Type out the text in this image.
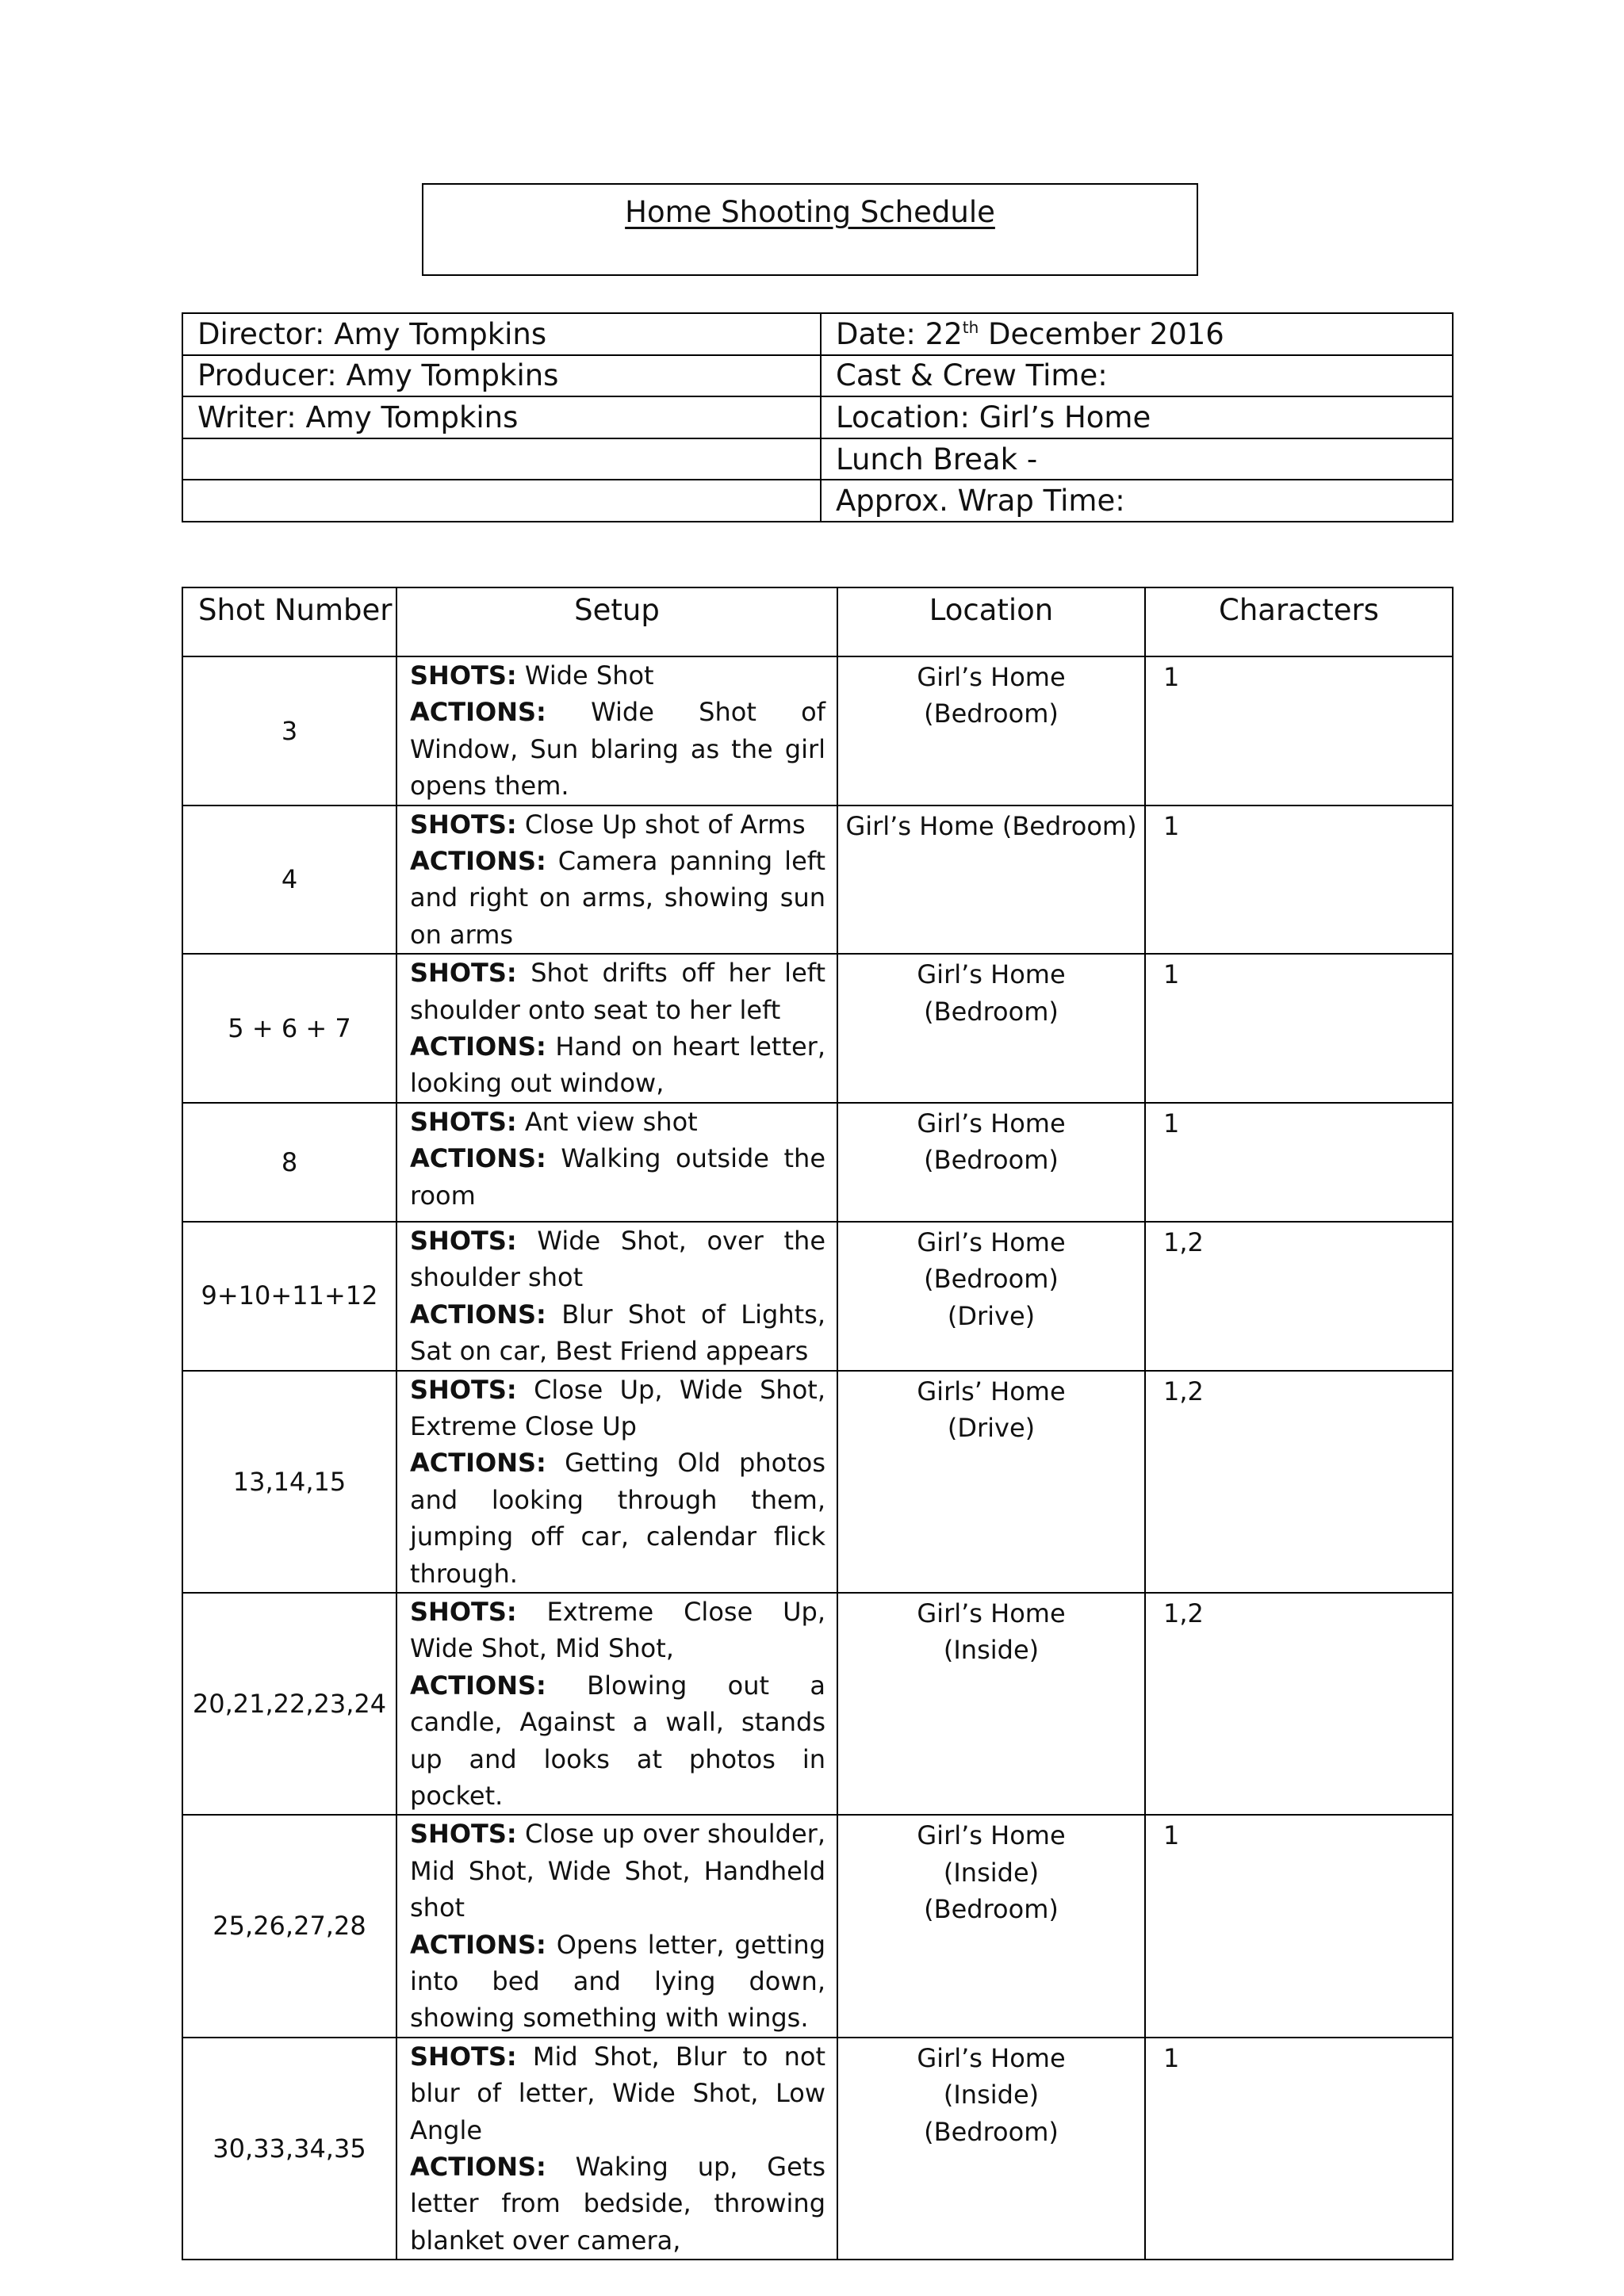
Home Shooting Schedule
Director: Amy Tompkins	Date: 22th December 2016
Producer: Amy Tompkins	Cast & Crew Time:
Writer: Amy Tompkins	Location: Girl’s Home
	Lunch Break -
	Approx. Wrap Time:
Shot Number	Setup	Location	Characters
3	SHOTS: Wide Shot
ACTIONS: Wide Shot of Window, Sun blaring as the girl opens them.	Girl’s Home
(Bedroom)	1
4	SHOTS: Close Up shot of Arms
ACTIONS: Camera panning left and right on arms, showing sun on arms	Girl’s Home (Bedroom)	1
5 + 6 + 7	SHOTS: Shot drifts off her left shoulder onto seat to her left
ACTIONS: Hand on heart letter, looking out window,	Girl’s Home
(Bedroom)	1
8	SHOTS: Ant view shot
ACTIONS: Walking outside the room	Girl’s Home
(Bedroom)	1
9+10+11+12	SHOTS: Wide Shot, over the shoulder shot
ACTIONS: Blur Shot of Lights, Sat on car, Best Friend appears	Girl’s Home
(Bedroom)
(Drive)	1,2
13,14,15	SHOTS: Close Up, Wide Shot, Extreme Close Up
ACTIONS: Getting Old photos and looking through them, jumping off car, calendar flick through.	Girls’ Home
(Drive)	1,2
20,21,22,23,24	SHOTS: Extreme Close Up, Wide Shot, Mid Shot,
ACTIONS: Blowing out a candle, Against a wall, stands up and looks at photos in pocket.	Girl’s Home
(Inside)	1,2
25,26,27,28	SHOTS: Close up over shoulder, Mid Shot, Wide Shot, Handheld shot
ACTIONS: Opens letter, getting into bed and lying down, showing something with wings.	Girl’s Home
(Inside)
(Bedroom)	1
30,33,34,35	SHOTS: Mid Shot, Blur to not blur of letter, Wide Shot, Low Angle
ACTIONS: Waking up, Gets letter from bedside, throwing blanket over camera,	Girl’s Home
(Inside)
(Bedroom)	1
